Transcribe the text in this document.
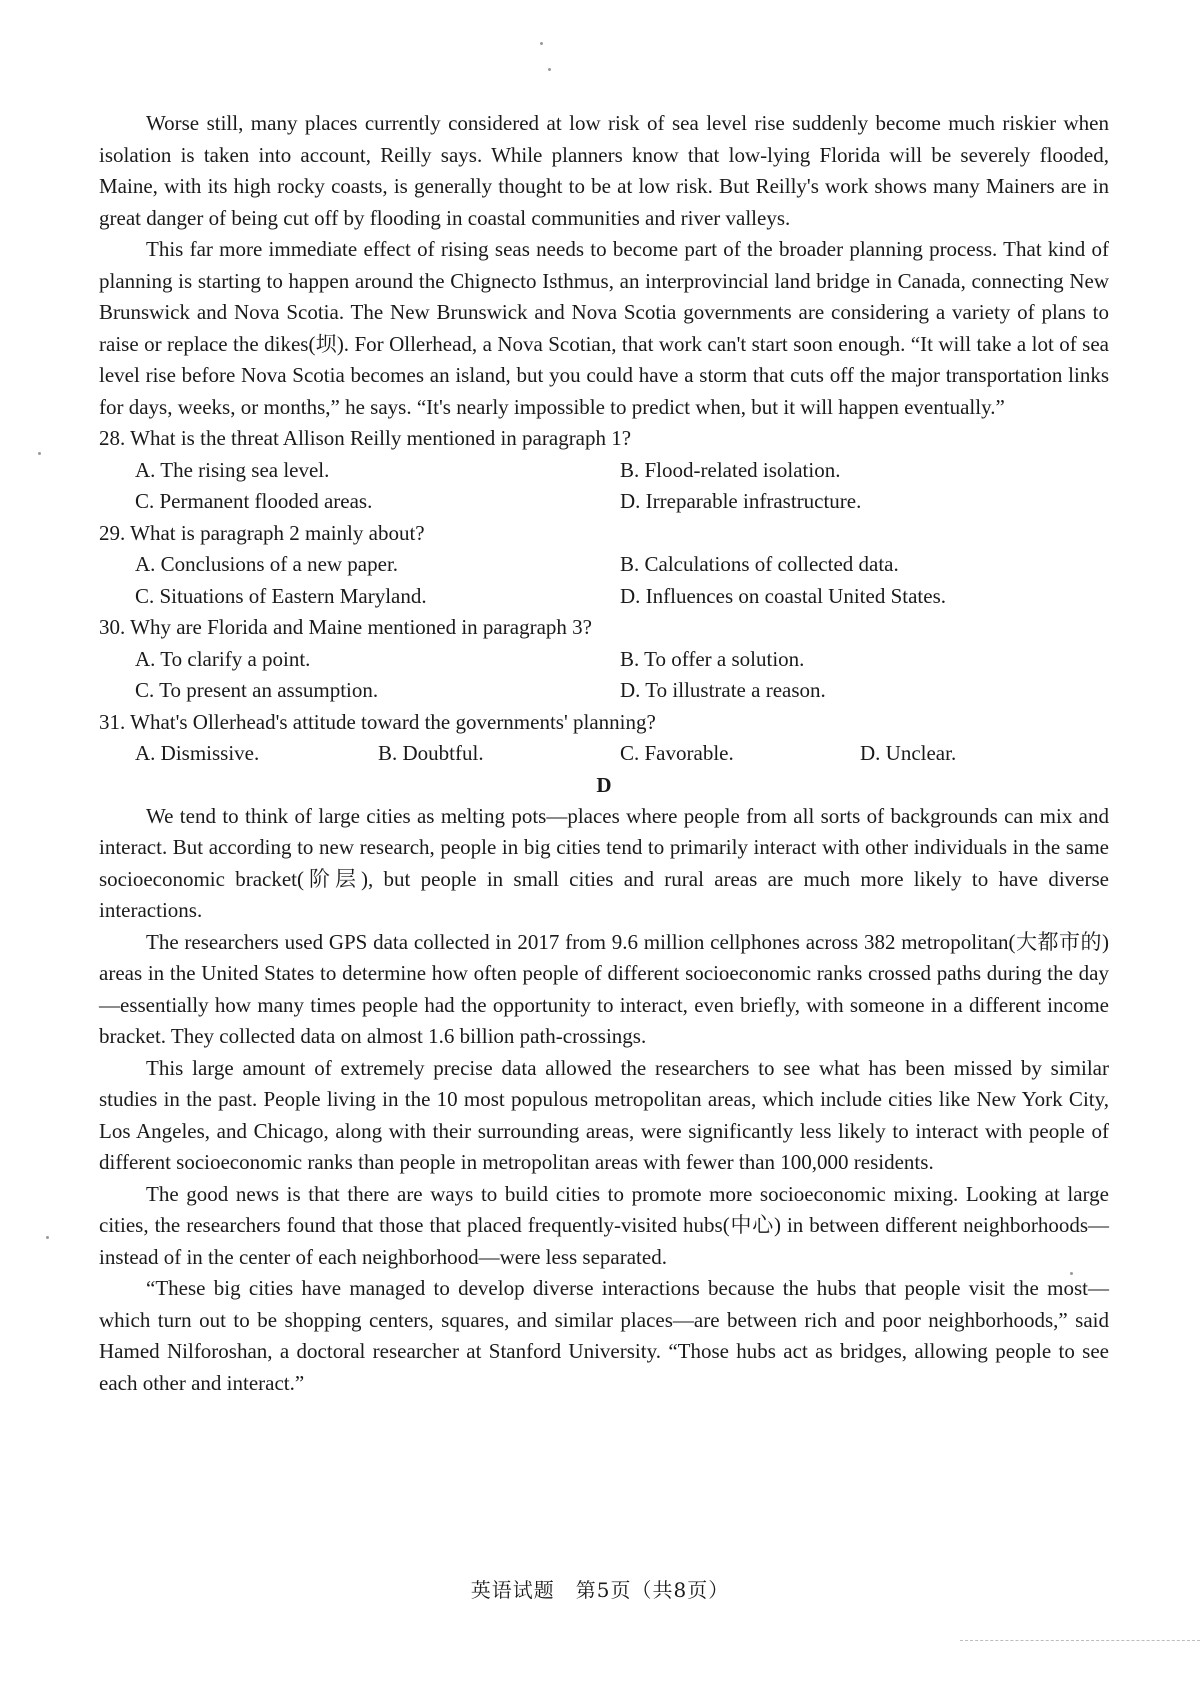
Worse still, many places currently considered at low risk of sea level rise suddenly become much riskier when isolation is taken into account, Reilly says. While planners know that low-lying Florida will be severely flooded, Maine, with its high rocky coasts, is generally thought to be at low risk. But Reilly's work shows many Mainers are in great danger of being cut off by flooding in coastal communities and river valleys.

This far more immediate effect of rising seas needs to become part of the broader planning process. That kind of planning is starting to happen around the Chignecto Isthmus, an interprovincial land bridge in Canada, connecting New Brunswick and Nova Scotia. The New Brunswick and Nova Scotia governments are considering a variety of plans to raise or replace the dikes(坝). For Ollerhead, a Nova Scotian, that work can't start soon enough. “It will take a lot of sea level rise before Nova Scotia becomes an island, but you could have a storm that cuts off the major transportation links for days, weeks, or months,” he says. “It's nearly impossible to predict when, but it will happen eventually.”

28. What is the threat Allison Reilly mentioned in paragraph 1?

A. The rising sea level.	B. Flood-related isolation.
C. Permanent flooded areas.	D. Irreparable infrastructure.

29. What is paragraph 2 mainly about?

A. Conclusions of a new paper.	B. Calculations of collected data.
C. Situations of Eastern Maryland.	D. Influences on coastal United States.

30. Why are Florida and Maine mentioned in paragraph 3?

A. To clarify a point.	B. To offer a solution.
C. To present an assumption.	D. To illustrate a reason.

31. What's Ollerhead's attitude toward the governments' planning?

A. Dismissive.	B. Doubtful.	C. Favorable.	D. Unclear.

D

We tend to think of large cities as melting pots—places where people from all sorts of backgrounds can mix and interact. But according to new research, people in big cities tend to primarily interact with other individuals in the same socioeconomic bracket(阶层), but people in small cities and rural areas are much more likely to have diverse interactions.

The researchers used GPS data collected in 2017 from 9.6 million cellphones across 382 metropolitan(大都市的) areas in the United States to determine how often people of different socioeconomic ranks crossed paths during the day—essentially how many times people had the opportunity to interact, even briefly, with someone in a different income bracket. They collected data on almost 1.6 billion path-crossings.

This large amount of extremely precise data allowed the researchers to see what has been missed by similar studies in the past. People living in the 10 most populous metropolitan areas, which include cities like New York City, Los Angeles, and Chicago, along with their surrounding areas, were significantly less likely to interact with people of different socioeconomic ranks than people in metropolitan areas with fewer than 100,000 residents.

The good news is that there are ways to build cities to promote more socioeconomic mixing. Looking at large cities, the researchers found that those that placed frequently-visited hubs(中心) in between different neighborhoods—instead of in the center of each neighborhood—were less separated.

“These big cities have managed to develop diverse interactions because the hubs that people visit the most—which turn out to be shopping centers, squares, and similar places—are between rich and poor neighborhoods,” said Hamed Nilforoshan, a doctoral researcher at Stanford University. “Those hubs act as bridges, allowing people to see each other and interact.”

英语试题　第5页（共8页）
